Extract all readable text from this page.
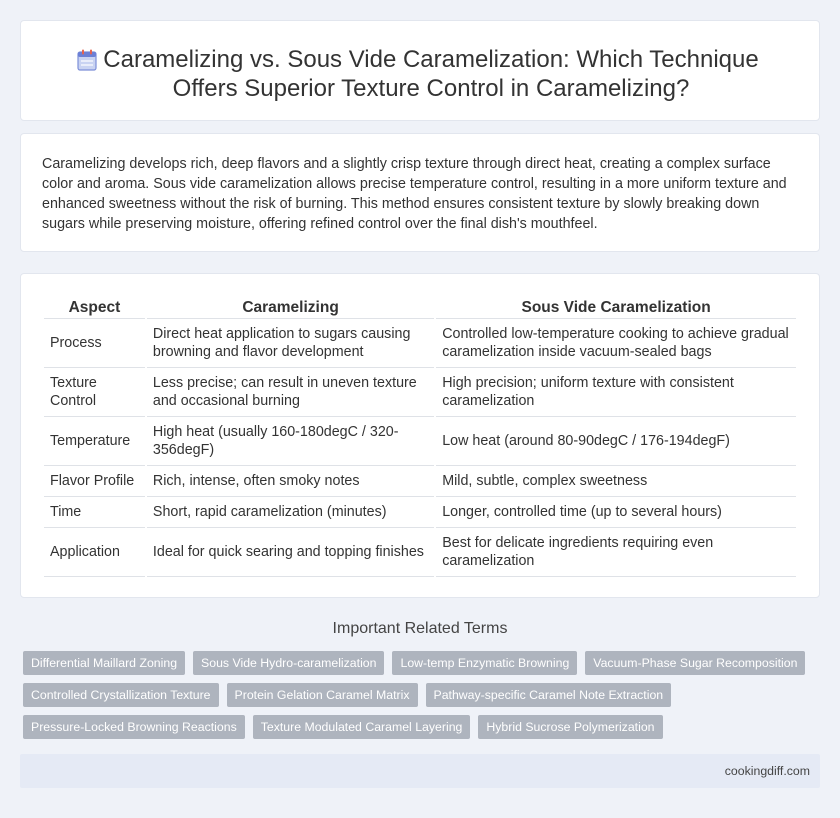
Caramelizing vs. Sous Vide Caramelization: Which Technique Offers Superior Texture Control in Caramelizing?

Caramelizing develops rich, deep flavors and a slightly crisp texture through direct heat, creating a complex surface color and aroma. Sous vide caramelization allows precise temperature control, resulting in a more uniform texture and enhanced sweetness without the risk of burning. This method ensures consistent texture by slowly breaking down sugars while preserving moisture, offering refined control over the final dish's mouthfeel.

Aspect	Caramelizing	Sous Vide Caramelization
Process	Direct heat application to sugars causing browning and flavor development	Controlled low-temperature cooking to achieve gradual caramelization inside vacuum-sealed bags
Texture Control	Less precise; can result in uneven texture and occasional burning	High precision; uniform texture with consistent caramelization
Temperature	High heat (usually 160-180degC / 320-356degF)	Low heat (around 80-90degC / 176-194degF)
Flavor Profile	Rich, intense, often smoky notes	Mild, subtle, complex sweetness
Time	Short, rapid caramelization (minutes)	Longer, controlled time (up to several hours)
Application	Ideal for quick searing and topping finishes	Best for delicate ingredients requiring even caramelization
Important Related Terms
Differential Maillard Zoning	Sous Vide Hydro-caramelization	Low-temp Enzymatic Browning	Vacuum-Phase Sugar Recomposition
Controlled Crystallization Texture	Protein Gelation Caramel Matrix	Pathway-specific Caramel Note Extraction
Pressure-Locked Browning Reactions	Texture Modulated Caramel Layering	Hybrid Sucrose Polymerization
cookingdiff.com
